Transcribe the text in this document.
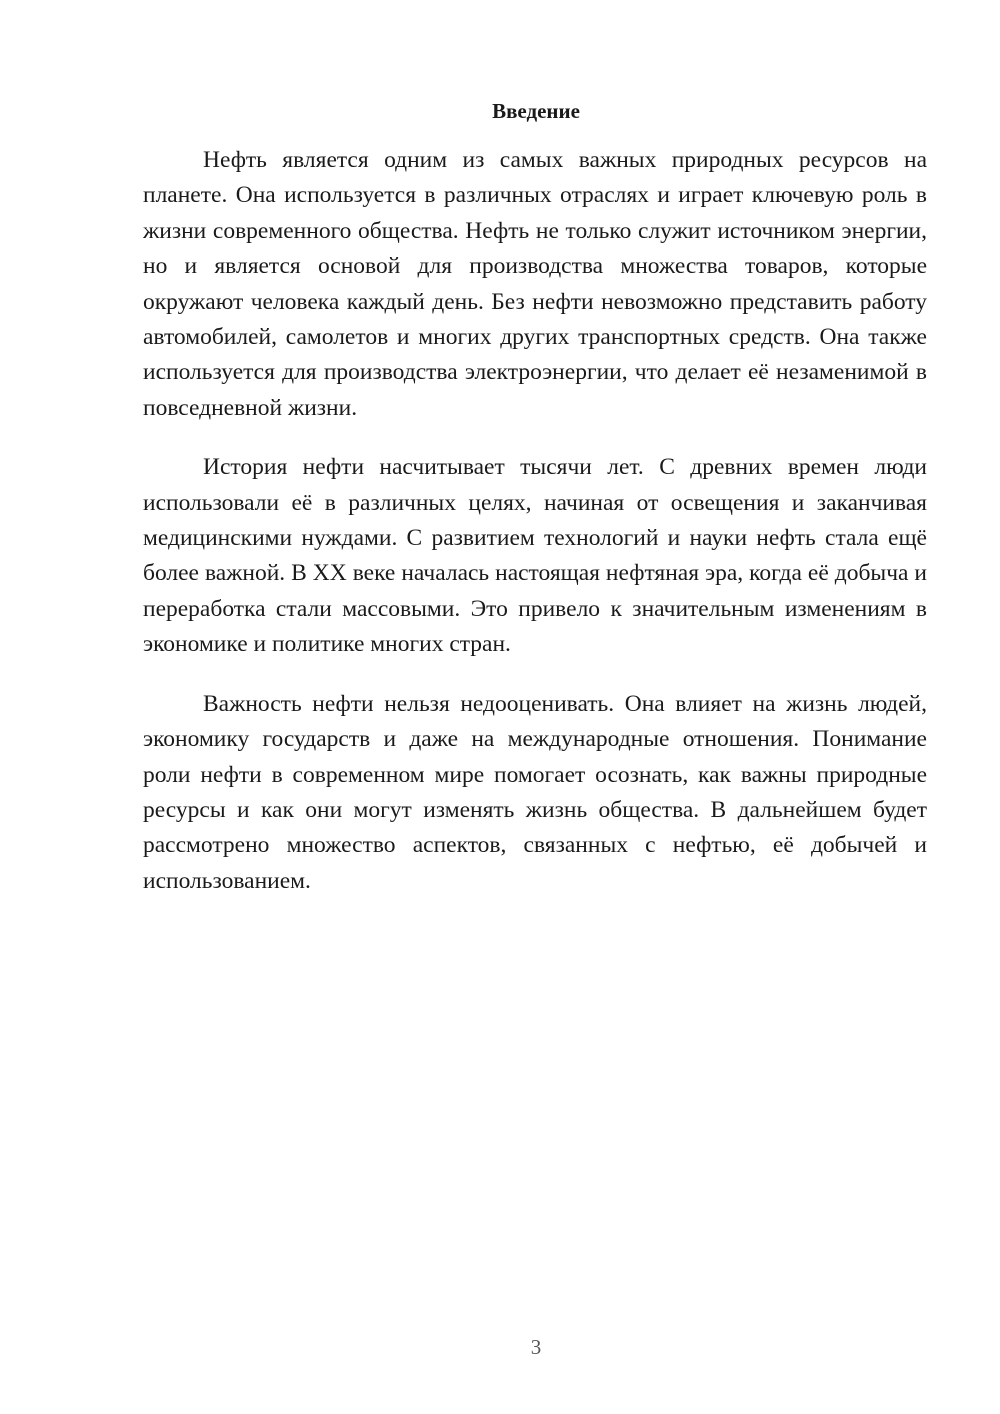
Введение

Нефть является одним из самых важных природных ресурсов на планете. Она используется в различных отраслях и играет ключевую роль в жизни современного общества. Нефть не только служит источником энергии, но и является основой для производства множества товаров, которые окружают человека каждый день. Без нефти невозможно представить работу автомобилей, самолетов и многих других транспортных средств. Она также используется для производства электроэнергии, что делает её незаменимой в повседневной жизни.

История нефти насчитывает тысячи лет. С древних времен люди использовали её в различных целях, начиная от освещения и заканчивая медицинскими нуждами. С развитием технологий и науки нефть стала ещё более важной. В XX веке началась настоящая нефтяная эра, когда её добыча и переработка стали массовыми. Это привело к значительным изменениям в экономике и политике многих стран.

Важность нефти нельзя недооценивать. Она влияет на жизнь людей, экономику государств и даже на международные отношения. Понимание роли нефти в современном мире помогает осознать, как важны природные ресурсы и как они могут изменять жизнь общества. В дальнейшем будет рассмотрено множество аспектов, связанных с нефтью, её добычей и использованием.

3
